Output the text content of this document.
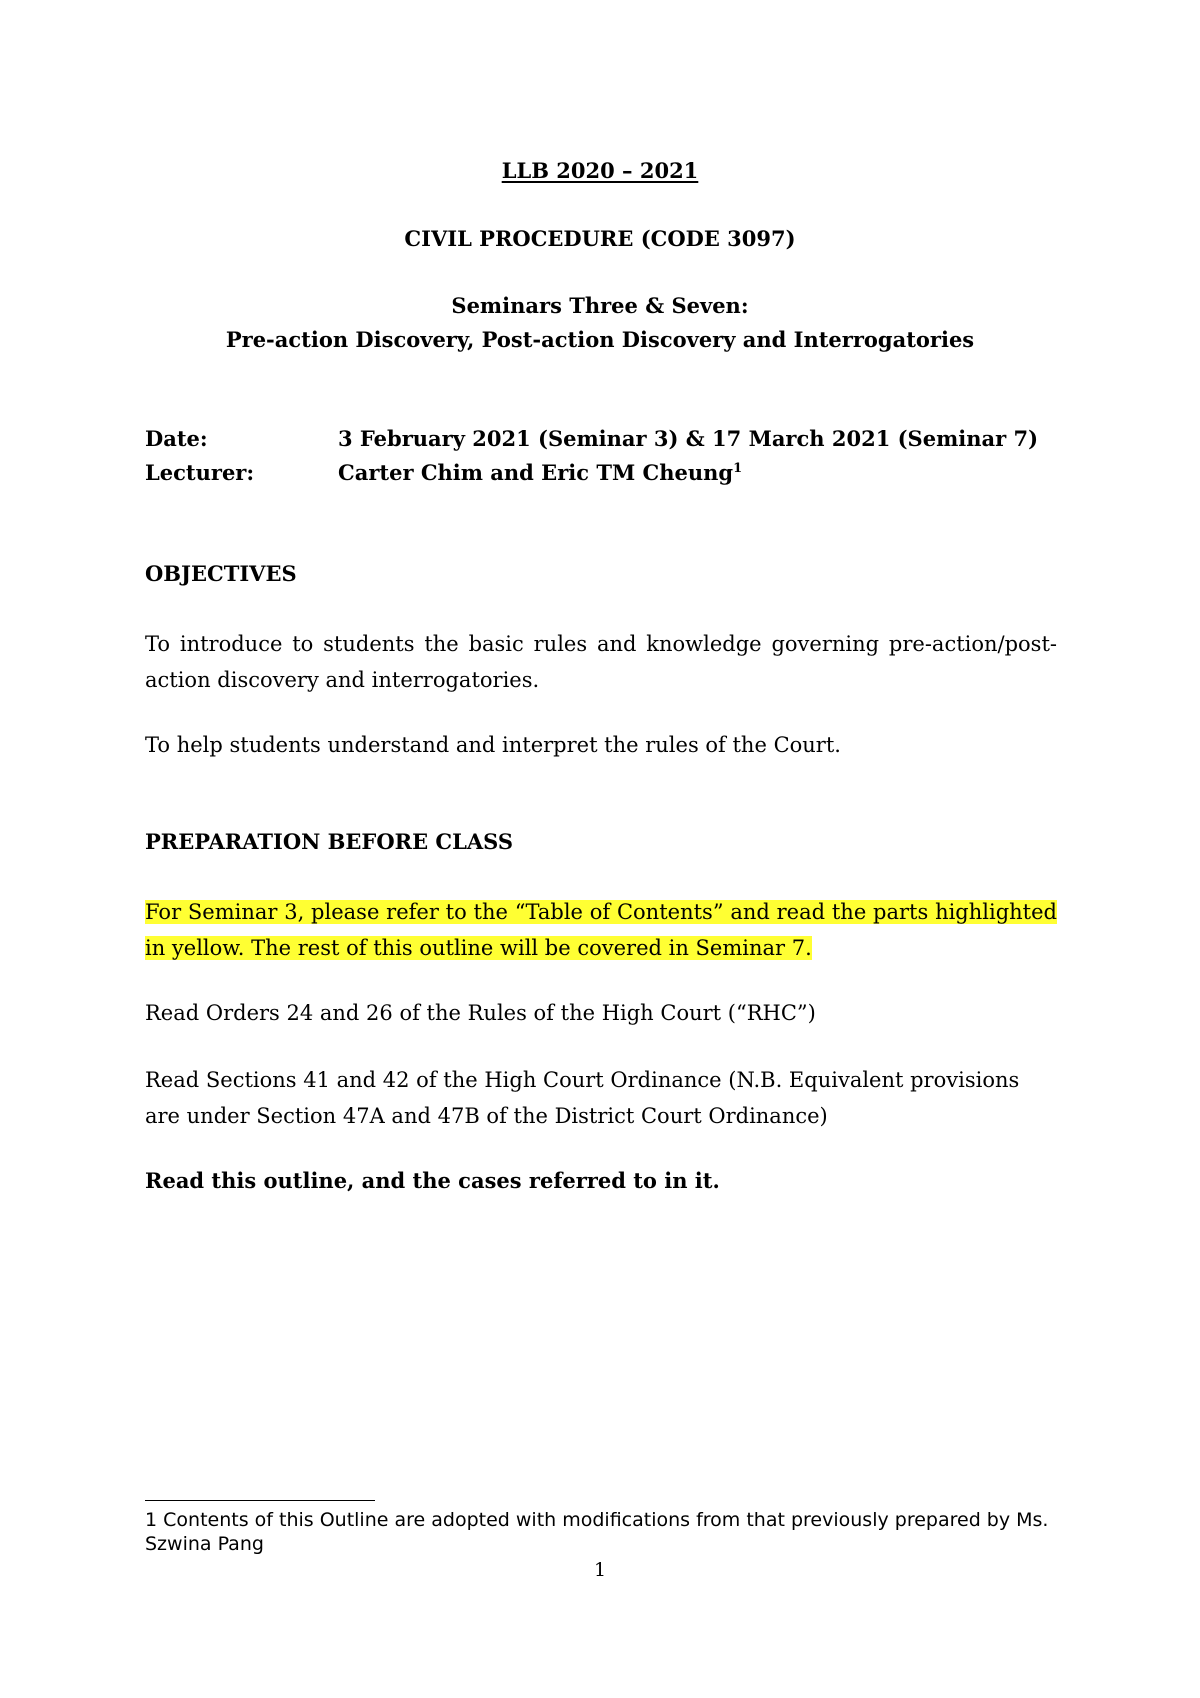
LLB 2020 – 2021
CIVIL PROCEDURE (CODE 3097)
Seminars Three & Seven:
Pre-action Discovery, Post-action Discovery and Interrogatories
Date:	3 February 2021 (Seminar 3) & 17 March 2021 (Seminar 7)
Lecturer:	Carter Chim and Eric TM Cheung$^1$
OBJECTIVES

To introduce to students the basic rules and knowledge governing pre-action/post-action discovery and interrogatories.

To help students understand and interpret the rules of the Court.

PREPARATION BEFORE CLASS

For Seminar 3, please refer to the “Table of Contents” and read the parts highlighted in yellow. The rest of this outline will be covered in Seminar 7.

Read Orders 24 and 26 of the Rules of the High Court (“RHC”)

Read Sections 41 and 42 of the High Court Ordinance (N.B. Equivalent provisions are under Section 47A and 47B of the District Court Ordinance)

Read this outline, and the cases referred to in it.

1 Contents of this Outline are adopted with modifications from that previously prepared by Ms. Szwina Pang

1
